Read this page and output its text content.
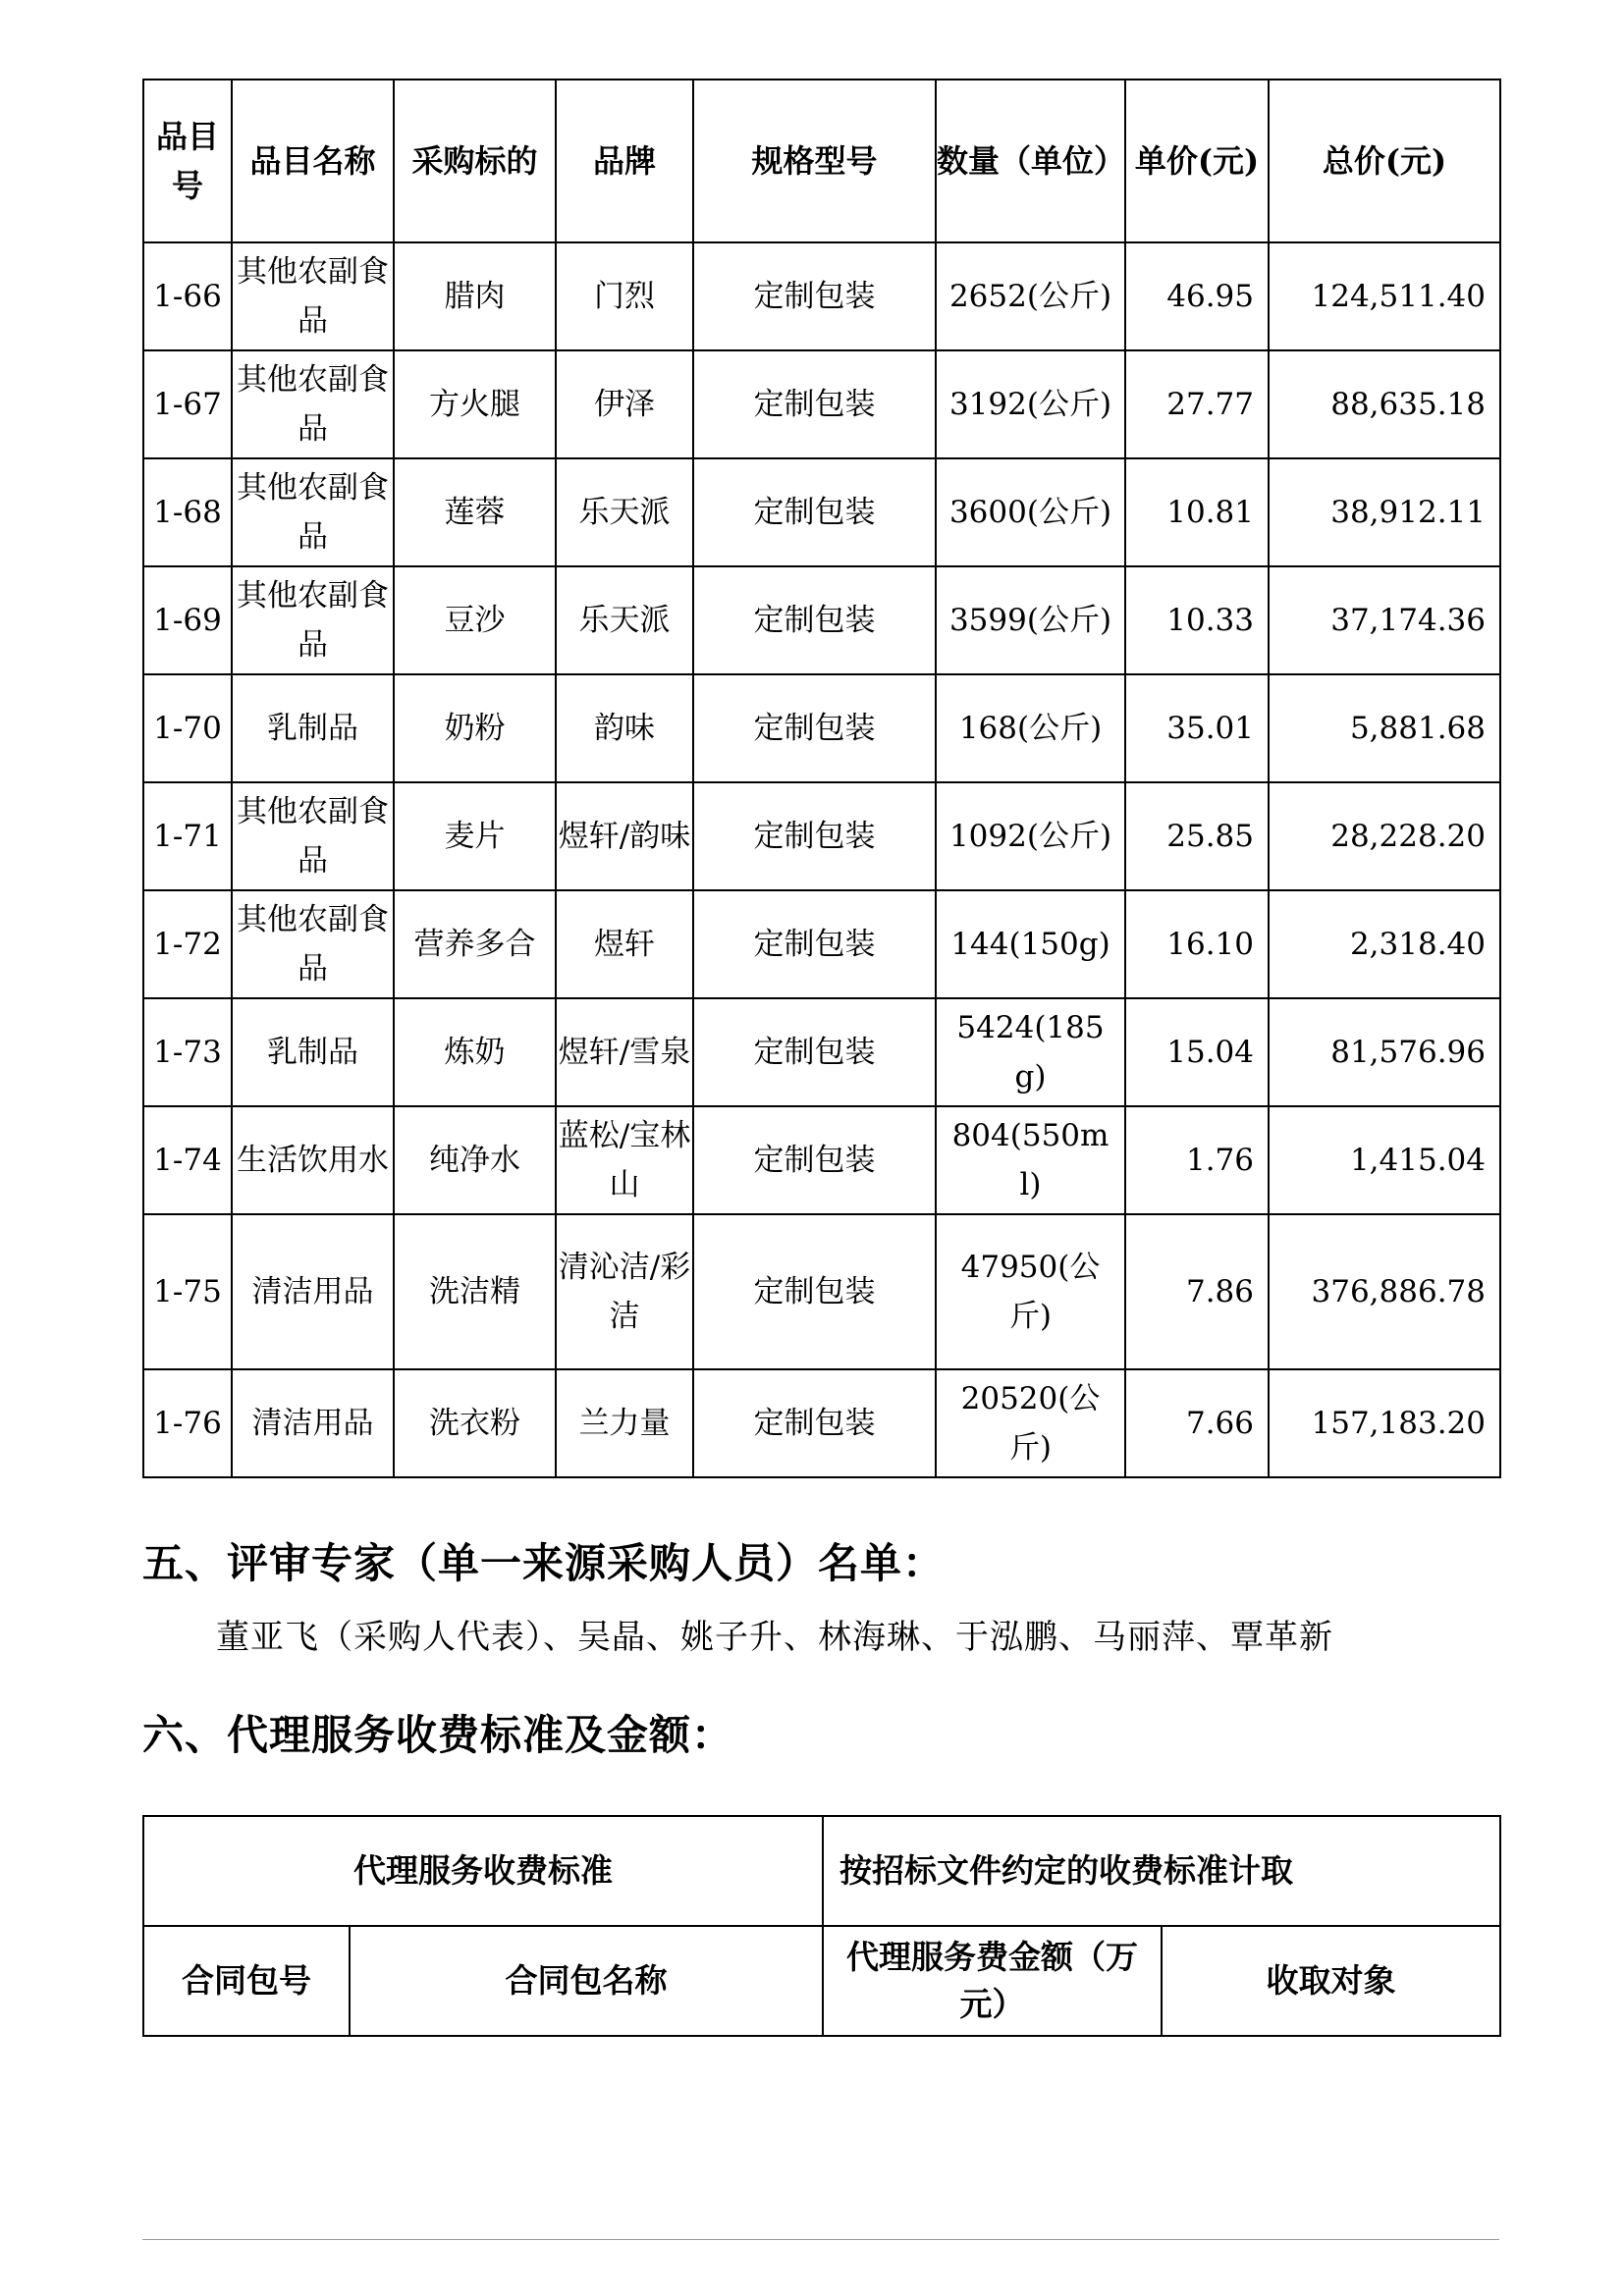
品目号	品目名称	采购标的	品牌	规格型号	数量（单位）	单价(元)	总价(元)
1-66	其他农副食品	腊肉	门烈	定制包装	2652(公斤)	46.95	124,511.40
1-67	其他农副食品	方火腿	伊泽	定制包装	3192(公斤)	27.77	88,635.18
1-68	其他农副食品	莲蓉	乐天派	定制包装	3600(公斤)	10.81	38,912.11
1-69	其他农副食品	豆沙	乐天派	定制包装	3599(公斤)	10.33	37,174.36
1-70	乳制品	奶粉	韵味	定制包装	168(公斤)	35.01	5,881.68
1-71	其他农副食品	麦片	煜轩/韵味	定制包装	1092(公斤)	25.85	28,228.20
1-72	其他农副食品	营养多合	煜轩	定制包装	144(150g)	16.10	2,318.40
1-73	乳制品	炼奶	煜轩/雪泉	定制包装	5424(185g)	15.04	81,576.96
1-74	生活饮用水	纯净水	蓝松/宝林山	定制包装	804(550ml)	1.76	1,415.04
1-75	清洁用品	洗洁精	清沁洁/彩洁	定制包装	47950(公斤)	7.86	376,886.78
1-76	清洁用品	洗衣粉	兰力量	定制包装	20520(公斤)	7.66	157,183.20
五、评审专家（单一来源采购人员）名单：

董亚飞（采购人代表）、吴晶、姚子升、林海琳、于泓鹏、马丽萍、覃革新

六、代理服务收费标准及金额：
代理服务收费标准		按招标文件约定的收费标准计取	
合同包号	合同包名称	代理服务费金额（万元）	收取对象
